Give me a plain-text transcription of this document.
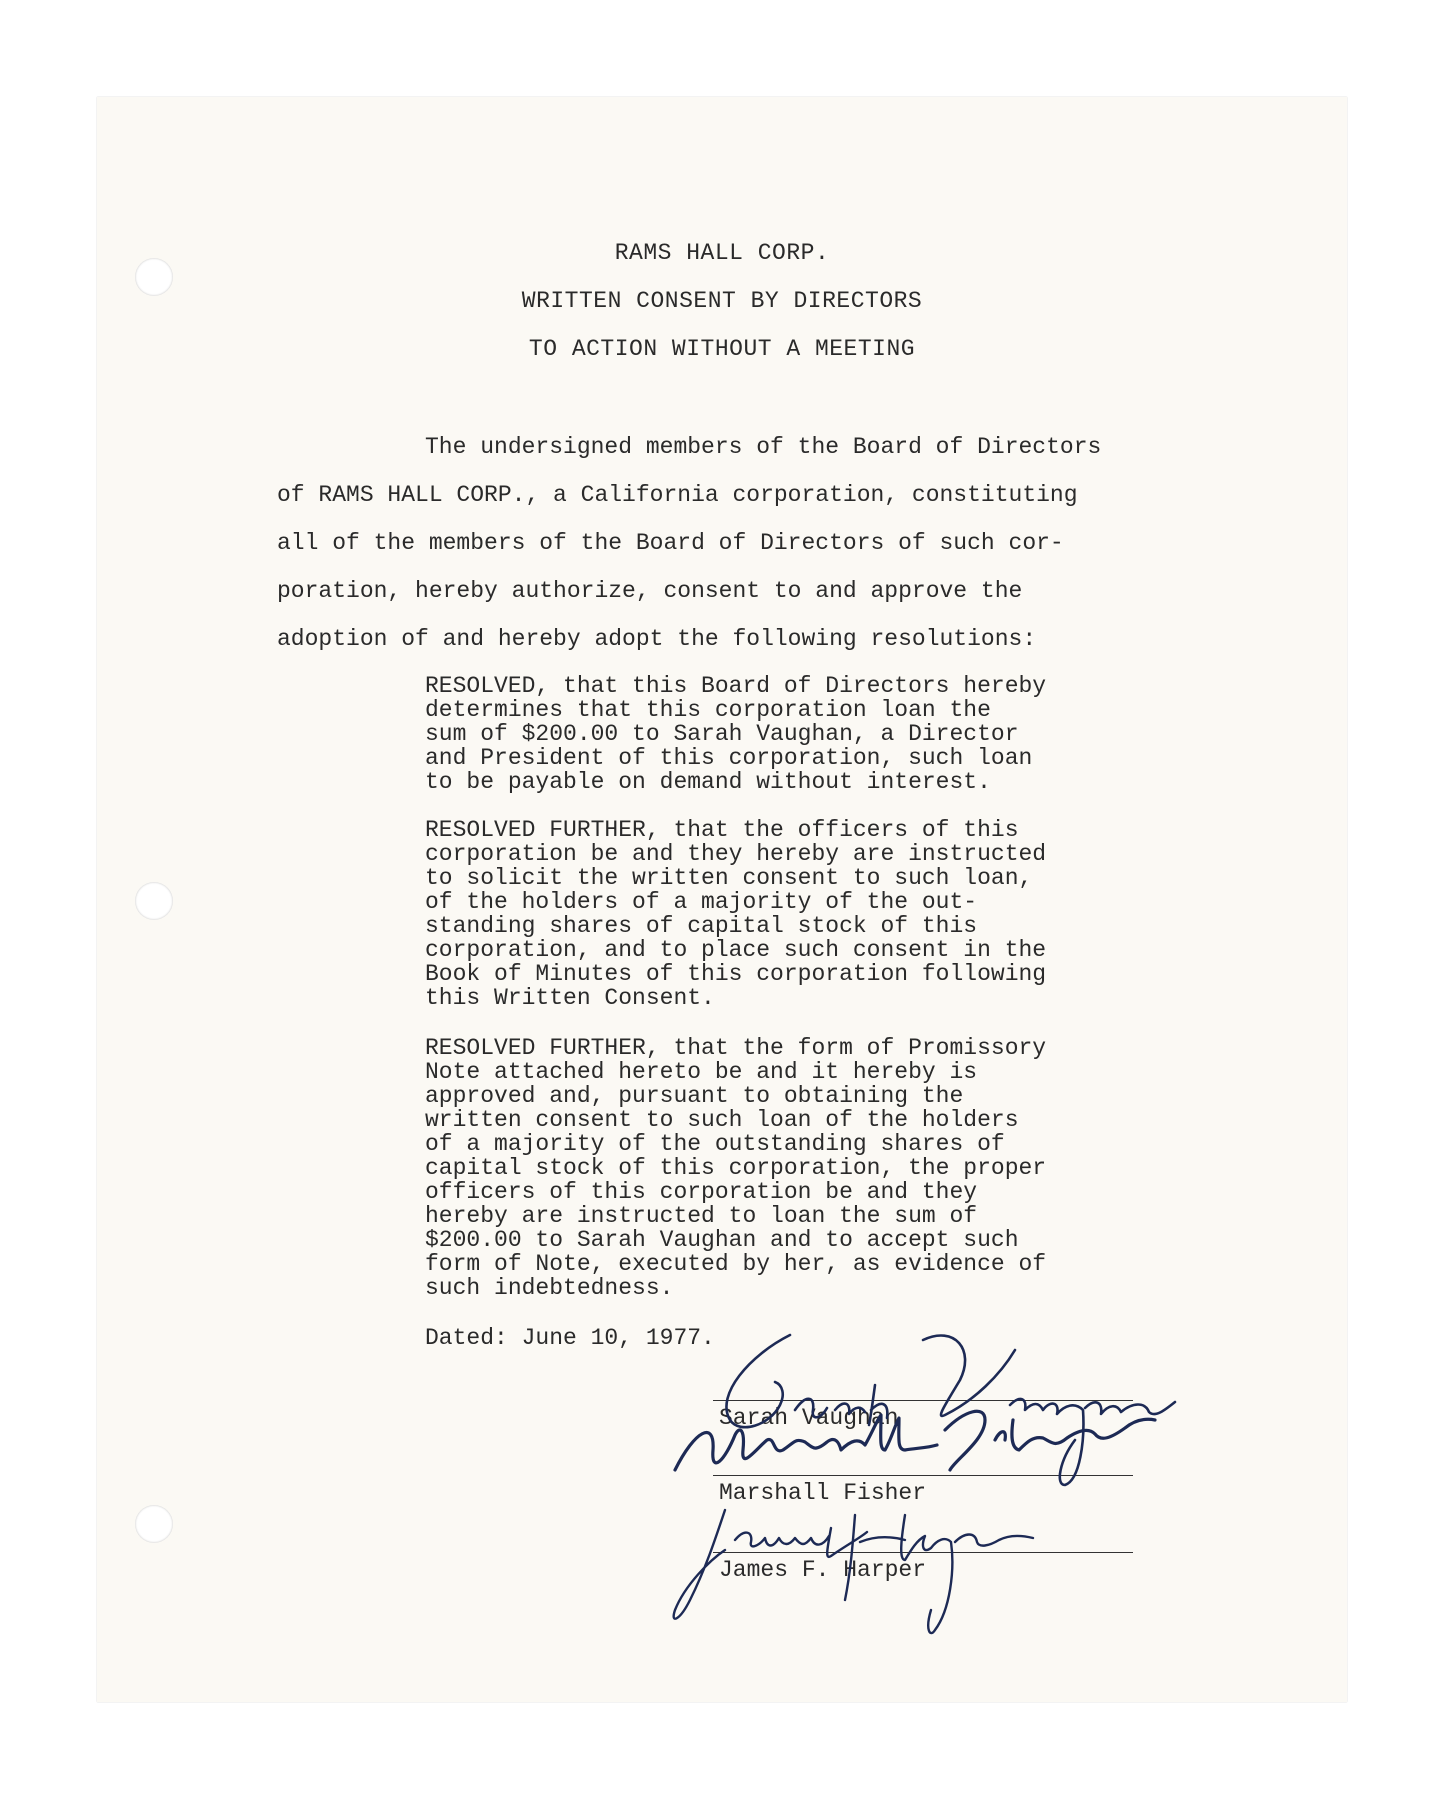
RAMS HALL CORP.
WRITTEN CONSENT BY DIRECTORS
TO ACTION WITHOUT A MEETING
The undersigned members of the Board of Directors
of RAMS HALL CORP., a California corporation, constituting
all of the members of the Board of Directors of such cor-
poration, hereby authorize, consent to and approve the
adoption of and hereby adopt the following resolutions:

RESOLVED, that this Board of Directors hereby
determines that this corporation loan the
sum of $200.00 to Sarah Vaughan, a Director
and President of this corporation, such loan
to be payable on demand without interest.

RESOLVED FURTHER, that the officers of this
corporation be and they hereby are instructed
to solicit the written consent to such loan,
of the holders of a majority of the out-
standing shares of capital stock of this
corporation, and to place such consent in the
Book of Minutes of this corporation following
this Written Consent.

RESOLVED FURTHER, that the form of Promissory
Note attached hereto be and it hereby is
approved and, pursuant to obtaining the
written consent to such loan of the holders
of a majority of the outstanding shares of
capital stock of this corporation, the proper
officers of this corporation be and they
hereby are instructed to loan the sum of
$200.00 to Sarah Vaughan and to accept such
form of Note, executed by her, as evidence of
such indebtedness.

Dated: June 10, 1977.
Sarah Vaughan
Marshall Fisher
James F. Harper
